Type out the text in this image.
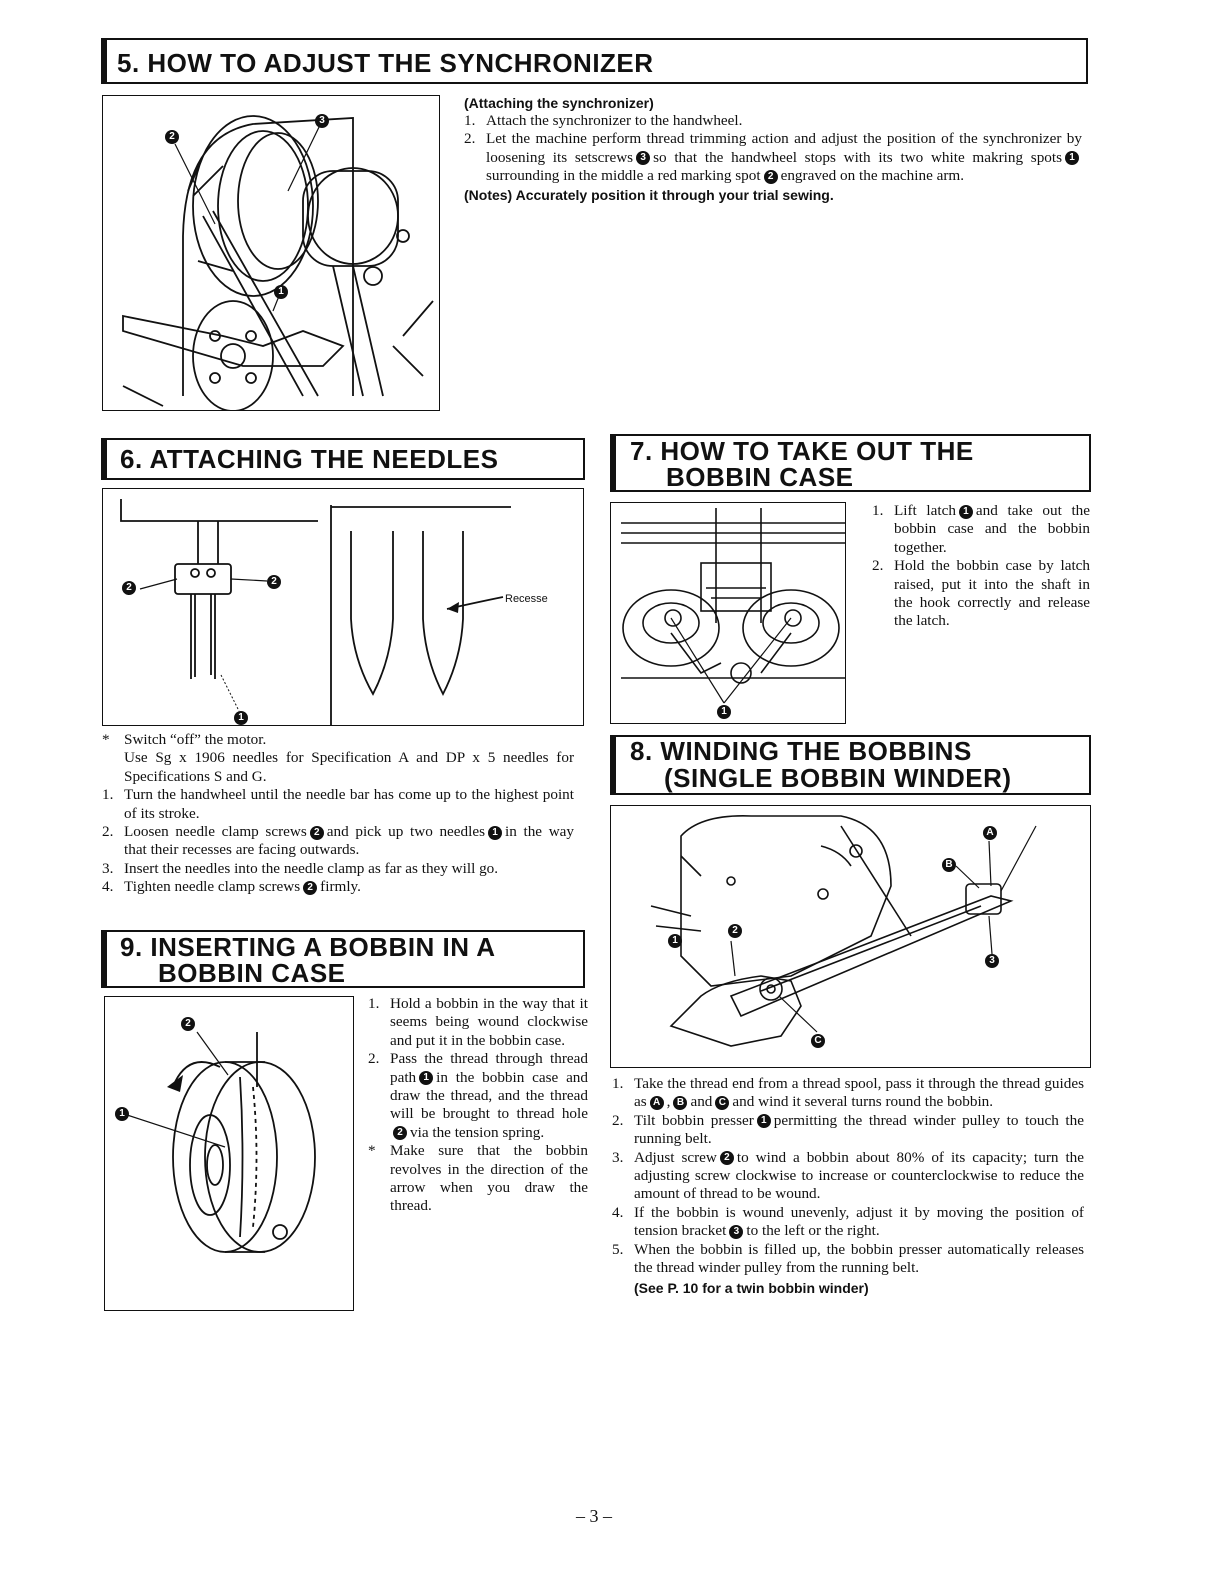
5. HOW TO ADJUST THE SYNCHRONIZER
2
3
1
(Attaching the synchronizer)
1. Attach the synchronizer to the handwheel.
2. Let the machine perform thread trimming action and adjust the position of the synchronizer by loosening its setscrews 3 so that the handwheel stops with its two white makring spots 1surrounding in the middle a red marking spot 2 engraved on the machine arm.
(Notes) Accurately position it through your trial sewing.
6. ATTACHING THE NEEDLES
2
2
1
Recesse
* Switch “off” the motor.
Use Sg x 1906 needles for Specification A and DP x 5 needles for Specifications S and G.
1. Turn the handwheel until the needle bar has come up to the highest point of its stroke.
2. Loosen needle clamp screws 2 and pick up two needles 1 in the way that their recesses are facing outwards.
3. Insert the needles into the needle clamp as far as they will go.
4. Tighten needle clamp screws 2 firmly.
7. HOW TO TAKE OUT THE
BOBBIN CASE
1
1. Lift latch 1 and take out the bobbin case and the bobbin together.
2. Hold the bobbin case by latch raised, put it into the shaft in the hook correctly and release the latch.
8. WINDING THE BOBBINS
(SINGLE BOBBIN WINDER)
A
B
3
2
1
C
1. Take the thread end from a thread spool, pass it through the thread guides as A , B and C and wind it several turns round the bobbin.
2. Tilt bobbin presser 1 permitting the thread winder pulley to touch the running belt.
3. Adjust screw 2 to wind a bobbin about 80% of its capacity; turn the adjusting screw clockwise to increase or counterclockwise to reduce the amount of thread to be wound.
4. If the bobbin is wound unevenly, adjust it by moving the position of tension bracket 3 to the left or the right.
5. When the bobbin is filled up, the bobbin presser automatically releases the thread winder pulley from the running belt.
(See P. 10 for a twin bobbin winder)
9. INSERTING A BOBBIN IN A
BOBBIN CASE
2
1
1. Hold a bobbin in the way that it seems being wound clockwise and put it in the bobbin case.
2. Pass the thread through thread path 1 in the bobbin case and draw the thread, and the thread will be brought to thread hole2 via the tension spring.
* Make sure that the bobbin revolves in the direction of the arrow when you draw the thread.
– 3 –
